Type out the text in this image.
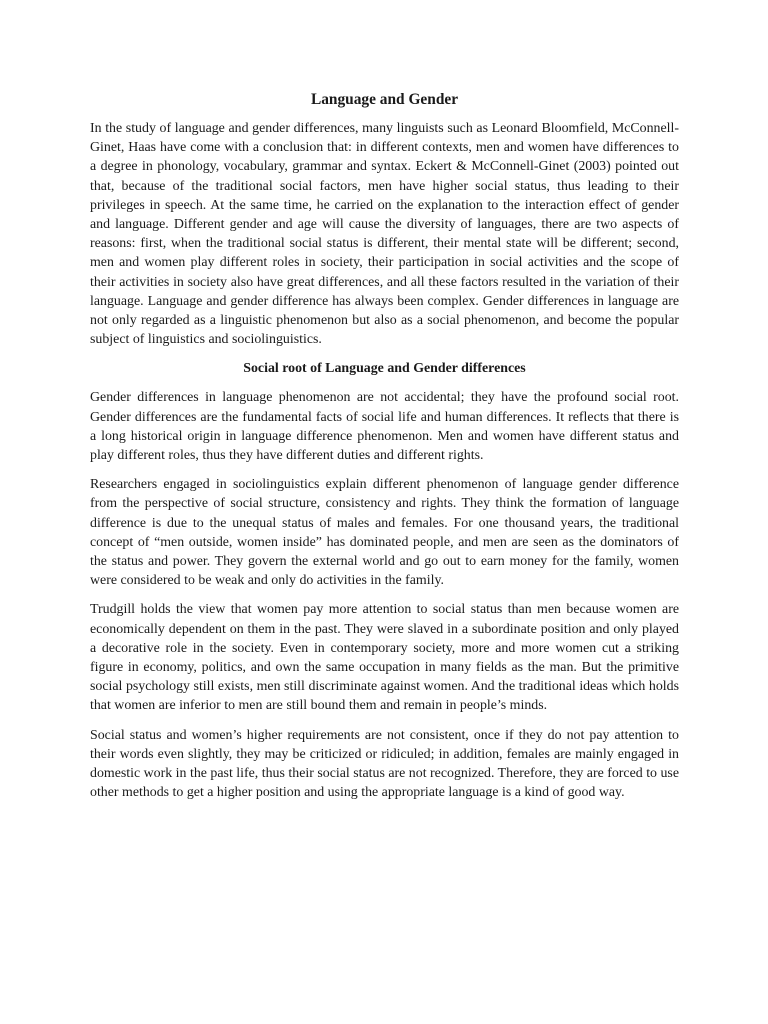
Language and Gender

In the study of language and gender differences, many linguists such as Leonard Bloomfield, McConnell-Ginet, Haas have come with a conclusion that: in different contexts, men and women have differences to a degree in phonology, vocabulary, grammar and syntax. Eckert & McConnell-Ginet (2003) pointed out that, because of the traditional social factors, men have higher social status, thus leading to their privileges in speech. At the same time, he carried on the explanation to the interaction effect of gender and language. Different gender and age will cause the diversity of languages, there are two aspects of reasons: first, when the traditional social status is different, their mental state will be different; second, men and women play different roles in society, their participation in social activities and the scope of their activities in society also have great differences, and all these factors resulted in the variation of their language. Language and gender difference has always been complex. Gender differences in language are not only regarded as a linguistic phenomenon but also as a social phenomenon, and become the popular subject of linguistics and sociolinguistics.

Social root of Language and Gender differences

Gender differences in language phenomenon are not accidental; they have the profound social root. Gender differences are the fundamental facts of social life and human differences. It reflects that there is a long historical origin in language difference phenomenon. Men and women have different status and play different roles, thus they have different duties and different rights.

Researchers engaged in sociolinguistics explain different phenomenon of language gender difference from the perspective of social structure, consistency and rights. They think the formation of language difference is due to the unequal status of males and females. For one thousand years, the traditional concept of “men outside, women inside” has dominated people, and men are seen as the dominators of the status and power. They govern the external world and go out to earn money for the family, women were considered to be weak and only do activities in the family.

Trudgill holds the view that women pay more attention to social status than men because women are economically dependent on them in the past. They were slaved in a subordinate position and only played a decorative role in the society. Even in contemporary society, more and more women cut a striking figure in economy, politics, and own the same occupation in many fields as the man. But the primitive social psychology still exists, men still discriminate against women. And the traditional ideas which holds that women are inferior to men are still bound them and remain in people’s minds.

Social status and women’s higher requirements are not consistent, once if they do not pay attention to their words even slightly, they may be criticized or ridiculed; in addition, females are mainly engaged in domestic work in the past life, thus their social status are not recognized. Therefore, they are forced to use other methods to get a higher position and using the appropriate language is a kind of good way.
